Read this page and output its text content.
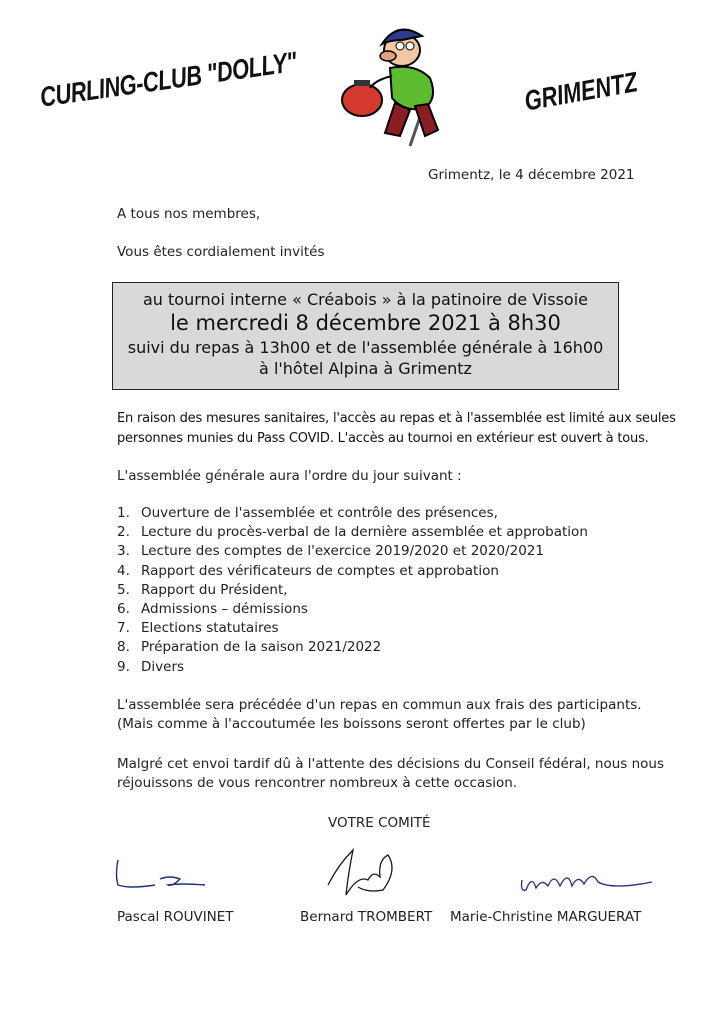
CURLING-CLUB "DOLLY"	GRIMENTZ
Grimentz, le 4 décembre 2021
A tous nos membres,
Vous êtes cordialement invités
au tournoi interne « Créabois » à la patinoire de Vissoie
le mercredi 8 décembre 2021 à 8h30
suivi du repas à 13h00 et de l'assemblée générale à 16h00
à l'hôtel Alpina à Grimentz
En raison des mesures sanitaires, l'accès au repas et à l'assemblée est limité aux seules
personnes munies du Pass COVID. L'accès au tournoi en extérieur est ouvert à tous.
L'assemblée générale aura l'ordre du jour suivant :
1. Ouverture de l'assemblée et contrôle des présences,
2. Lecture du procès-verbal de la dernière assemblée et approbation
3. Lecture des comptes de l'exercice 2019/2020 et 2020/2021
4. Rapport des vérificateurs de comptes et approbation
5. Rapport du Président,
6. Admissions – démissions
7. Elections statutaires
8. Préparation de la saison 2021/2022
9. Divers
L'assemblée sera précédée d'un repas en commun aux frais des participants.
(Mais comme à l'accoutumée les boissons seront offertes par le club)
Malgré cet envoi tardif dû à l'attente des décisions du Conseil fédéral, nous nous
réjouissons de vous rencontrer nombreux à cette occasion.
VOTRE COMITÉ
Pascal ROUVINET	Bernard TROMBERT Marie-Christine MARGUERAT
